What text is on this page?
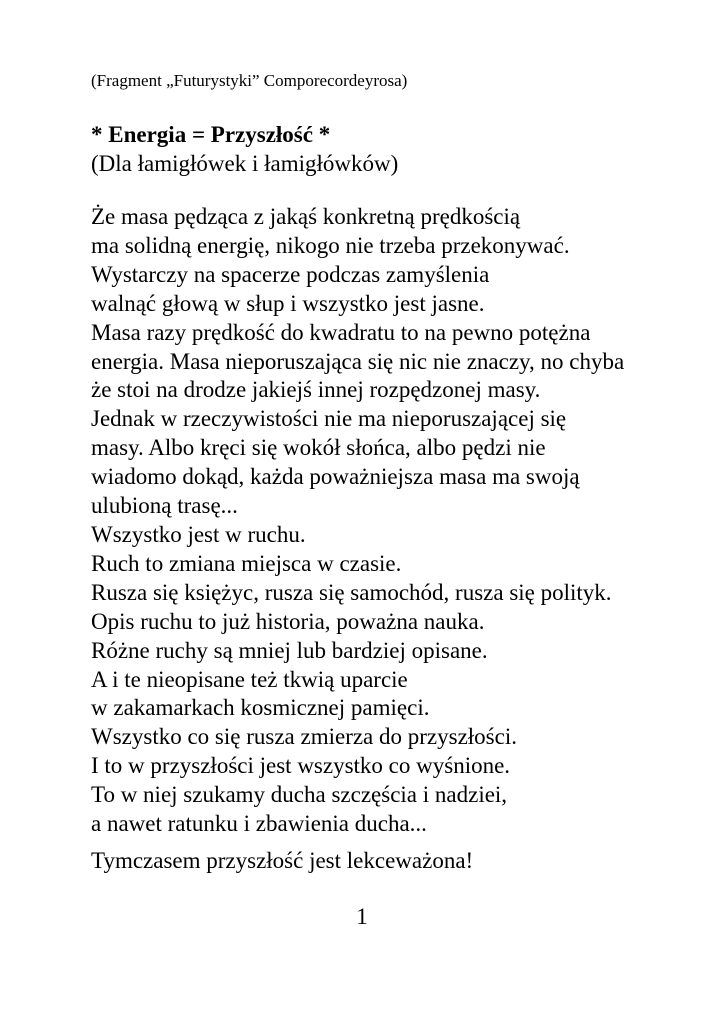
(Fragment „Futurystyki” Comporecordeyrosa)
* Energia = Przyszłość *
(Dla łamigłówek i łamigłówków)
Że masa pędząca z jakąś konkretną prędkością
ma solidną energię, nikogo nie trzeba przekonywać.
Wystarczy na spacerze podczas zamyślenia
walnąć głową w słup i wszystko jest jasne.
Masa razy prędkość do kwadratu to na pewno potężna
energia. Masa nieporuszająca się nic nie znaczy, no chyba
że stoi na drodze jakiejś innej rozpędzonej masy.
Jednak w rzeczywistości nie ma nieporuszającej się
masy. Albo kręci się wokół słońca, albo pędzi nie
wiadomo dokąd, każda poważniejsza masa ma swoją
ulubioną trasę...
Wszystko jest w ruchu.
Ruch to zmiana miejsca w czasie.
Rusza się księżyc, rusza się samochód, rusza się polityk.
Opis ruchu to już historia, poważna nauka.
Różne ruchy są mniej lub bardziej opisane.
A i te nieopisane też tkwią uparcie
w zakamarkach kosmicznej pamięci.
Wszystko co się rusza zmierza do przyszłości.
I to w przyszłości jest wszystko co wyśnione.
To w niej szukamy ducha szczęścia i nadziei,
a nawet ratunku i zbawienia ducha...
Tymczasem przyszłość jest lekceważona!
1
